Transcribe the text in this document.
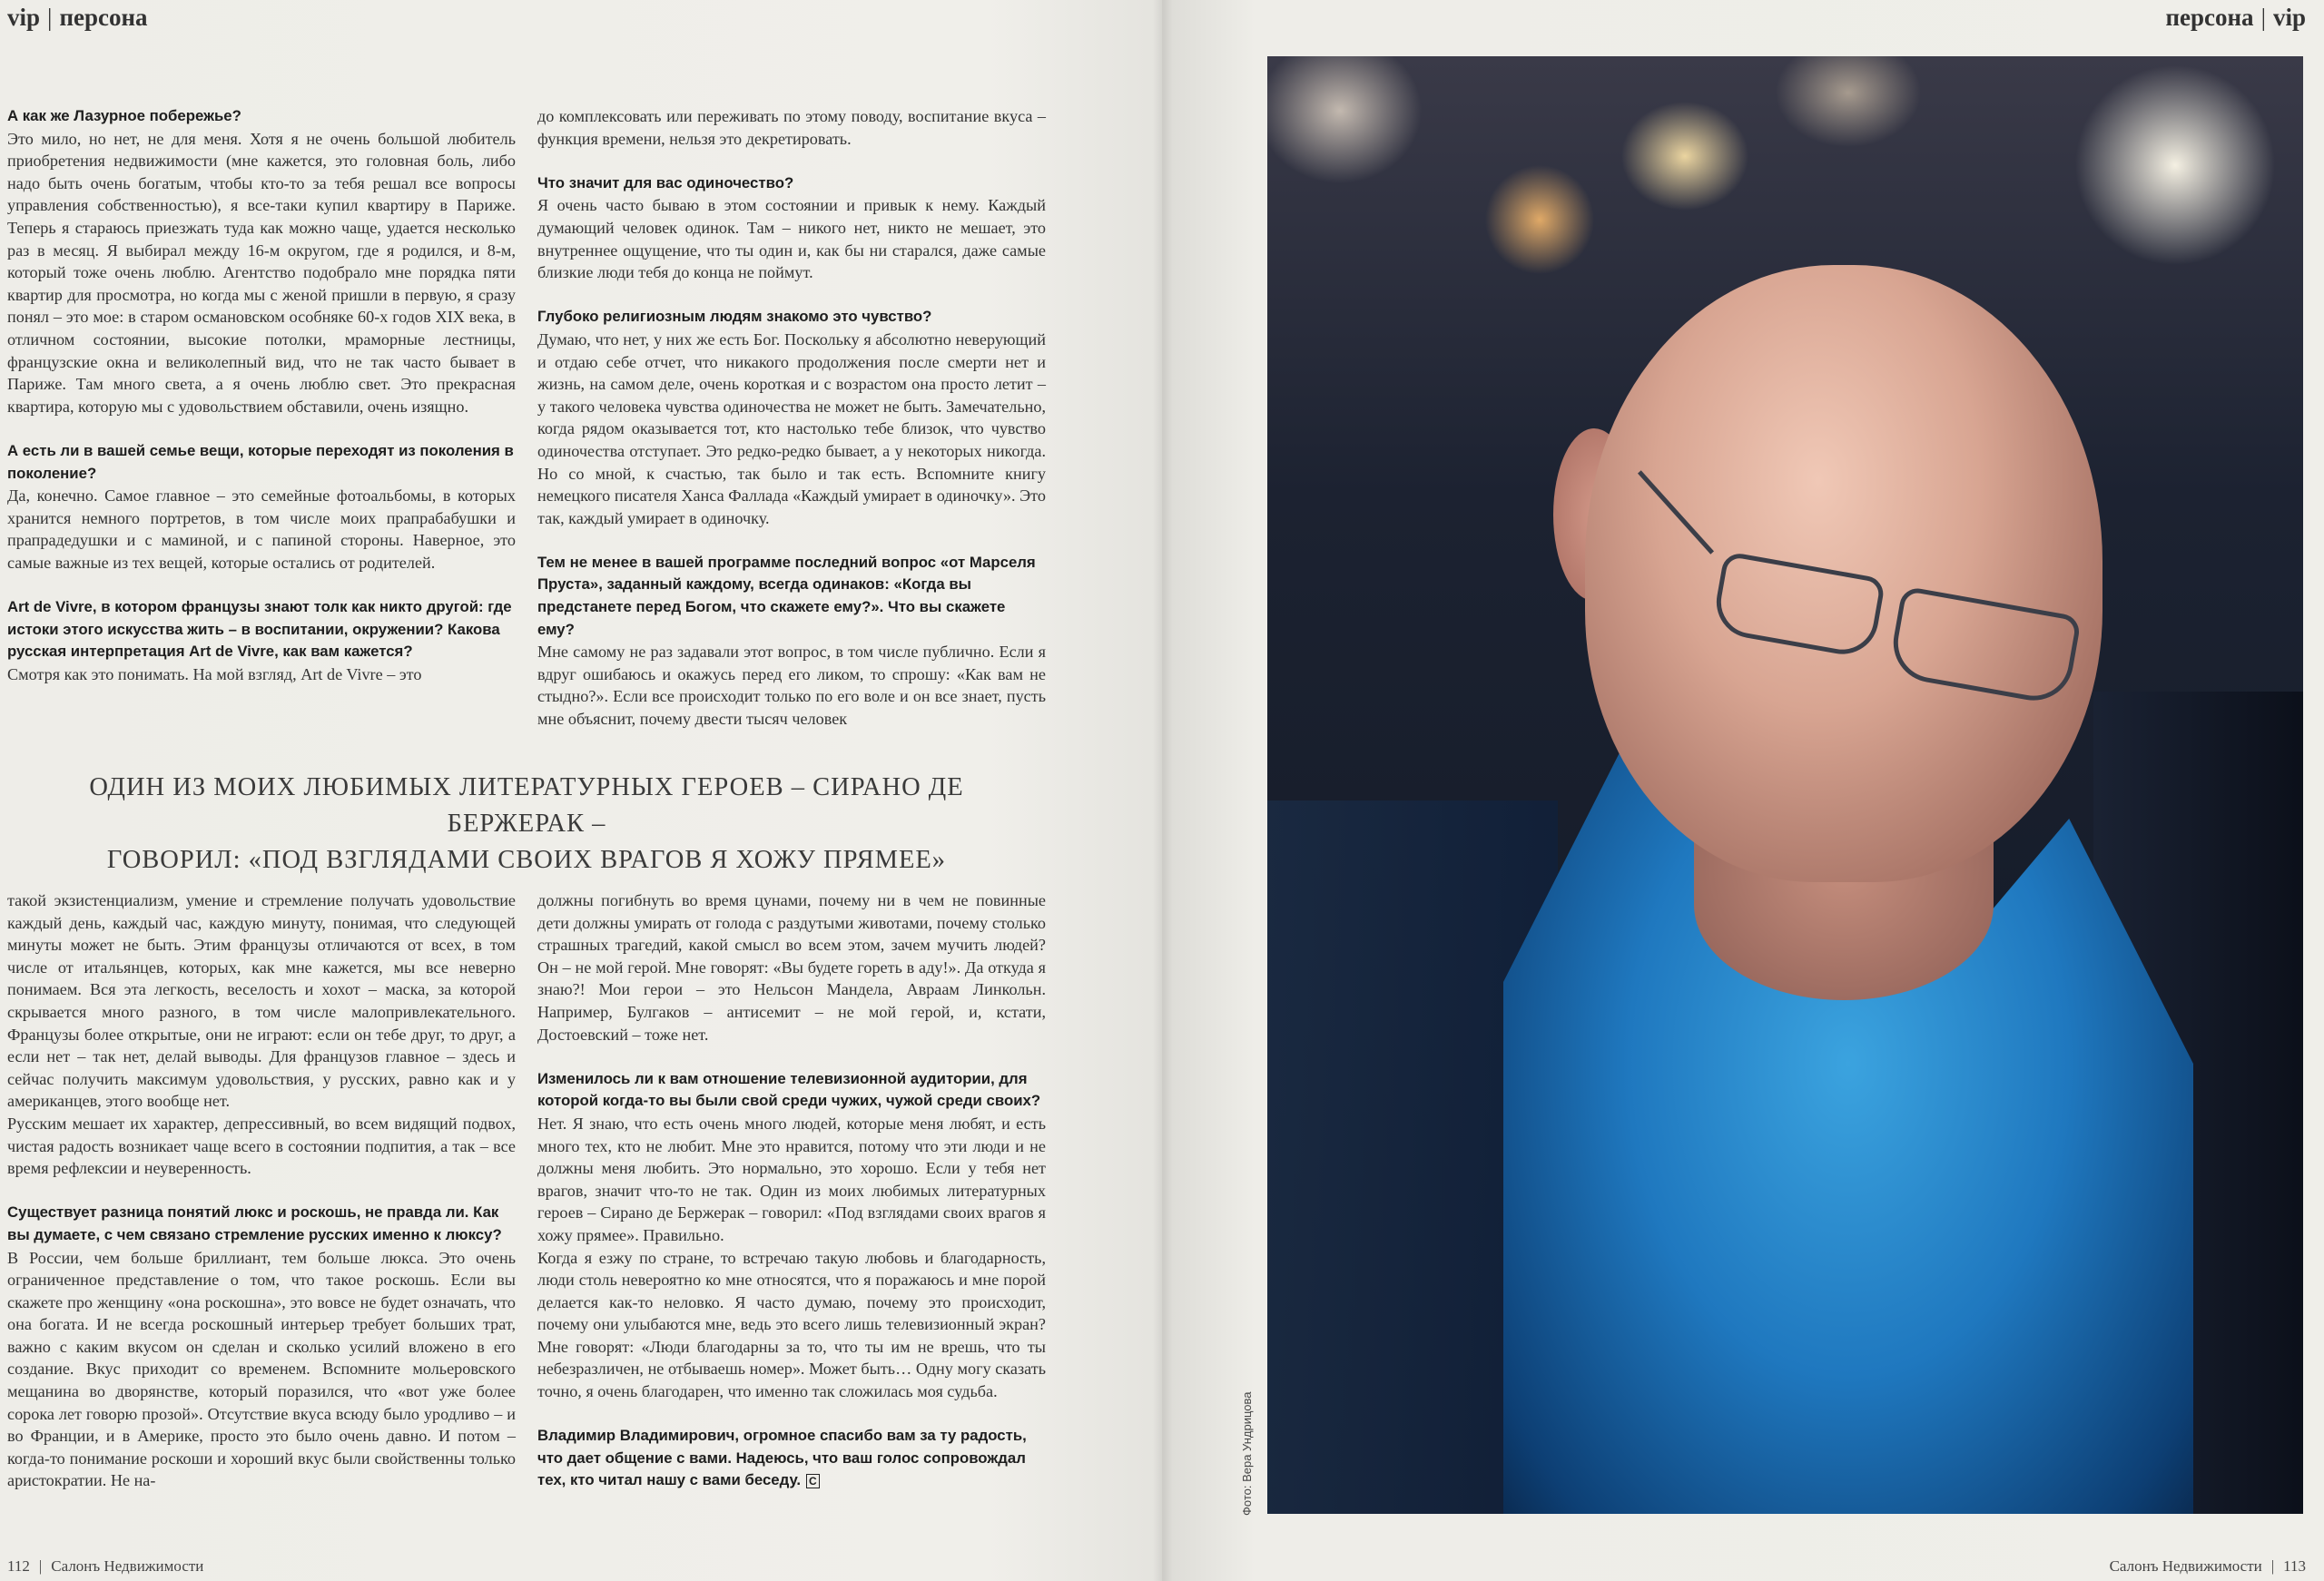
vip | персона	персона | vip

А как же Лазурное побережье?

Это мило, но нет, не для меня. Хотя я не очень большой любитель приобретения недвижимости (мне кажется, это головная боль, либо надо быть очень богатым, чтобы кто-то за тебя решал все вопросы управления собственностью), я все-таки купил квартиру в Париже. Теперь я стараюсь приезжать туда как можно чаще, удается несколько раз в месяц. Я выбирал между 16-м округом, где я родился, и 8-м, который тоже очень люблю. Агентство подобрало мне порядка пяти квартир для просмотра, но когда мы с женой пришли в первую, я сразу понял – это мое: в старом османовском особняке 60-х годов XIX века, в отличном состоянии, высокие потолки, мраморные лестницы, французские окна и великолепный вид, что не так часто бывает в Париже. Там много света, а я очень люблю свет. Это прекрасная квартира, которую мы с удовольствием обставили, очень изящно.

А есть ли в вашей семье вещи, которые переходят из поколения в поколение?

Да, конечно. Самое главное – это семейные фотоальбомы, в которых хранится немного портретов, в том числе моих прапрабабушки и прапрадедушки и с маминой, и с папиной стороны. Наверное, это самые важные из тех вещей, которые остались от родителей.

Art de Vivre, в котором французы знают толк как никто другой: где истоки этого искусства жить – в воспитании, окружении? Какова русская интерпретация Art de Vivre, как вам кажется?

Смотря как это понимать. На мой взгляд, Art de Vivre – это

до комплексовать или переживать по этому поводу, воспитание вкуса – функция времени, нельзя это декретировать.

Что значит для вас одиночество?

Я очень часто бываю в этом состоянии и привык к нему. Каждый думающий человек одинок. Там – никого нет, никто не мешает, это внутреннее ощущение, что ты один и, как бы ни старался, даже самые близкие люди тебя до конца не поймут.

Глубоко религиозным людям знакомо это чувство?

Думаю, что нет, у них же есть Бог. Поскольку я абсолютно неверующий и отдаю себе отчет, что никакого продолжения после смерти нет и жизнь, на самом деле, очень короткая и с возрастом она просто летит – у такого человека чувства одиночества не может не быть. Замечательно, когда рядом оказывается тот, кто настолько тебе близок, что чувство одиночества отступает. Это редко-редко бывает, а у некоторых никогда. Но со мной, к счастью, так было и так есть. Вспомните книгу немецкого писателя Ханса Фаллада «Каждый умирает в одиночку». Это так, каждый умирает в одиночку.

Тем не менее в вашей программе последний вопрос «от Марселя Пруста», заданный каждому, всегда одинаков: «Когда вы предстанете перед Богом, что скажете ему?». Что вы скажете ему?

Мне самому не раз задавали этот вопрос, в том числе публично. Если я вдруг ошибаюсь и окажусь перед его ликом, то спрошу: «Как вам не стыдно?». Если все происходит только по его воле и он все знает, пусть мне объяснит, почему двести тысяч человек

ОДИН ИЗ МОИХ ЛЮБИМЫХ ЛИТЕРАТУРНЫХ ГЕРОЕВ – СИРАНО ДЕ БЕРЖЕРАК –
ГОВОРИЛ: «ПОД ВЗГЛЯДАМИ СВОИХ ВРАГОВ Я ХОЖУ ПРЯМЕЕ»

такой экзистенциализм, умение и стремление получать удовольствие каждый день, каждый час, каждую минуту, понимая, что следующей минуты может не быть. Этим французы отличаются от всех, в том числе от итальянцев, которых, как мне кажется, мы все неверно понимаем. Вся эта легкость, веселость и хохот – маска, за которой скрывается много разного, в том числе малопривлекательного. Французы более открытые, они не играют: если он тебе друг, то друг, а если нет – так нет, делай выводы. Для французов главное – здесь и сейчас получить максимум удовольствия, у русских, равно как и у американцев, этого вообще нет.

Русским мешает их характер, депрессивный, во всем видящий подвох, чистая радость возникает чаще всего в состоянии подпития, а так – все время рефлексии и неуверенность.

Существует разница понятий люкс и роскошь, не правда ли. Как вы думаете, с чем связано стремление русских именно к люксу?

В России, чем больше бриллиант, тем больше люкса. Это очень ограниченное представление о том, что такое роскошь. Если вы скажете про женщину «она роскошна», это вовсе не будет означать, что она богата. И не всегда роскошный интерьер требует больших трат, важно с каким вкусом он сделан и сколько усилий вложено в его создание. Вкус приходит со временем. Вспомните мольеровского мещанина во дворянстве, который поразился, что «вот уже более сорока лет говорю прозой». Отсутствие вкуса всюду было уродливо – и во Франции, и в Америке, просто это было очень давно. И потом – когда-то понимание роскоши и хороший вкус были свойственны только аристократии. Не на-

должны погибнуть во время цунами, почему ни в чем не повинные дети должны умирать от голода с раздутыми животами, почему столько страшных трагедий, какой смысл во всем этом, зачем мучить людей? Он – не мой герой. Мне говорят: «Вы будете гореть в аду!». Да откуда я знаю?! Мои герои – это Нельсон Мандела, Авраам Линкольн. Например, Булгаков – антисемит – не мой герой, и, кстати, Достоевский – тоже нет.

Изменилось ли к вам отношение телевизионной аудитории, для которой когда-то вы были свой среди чужих, чужой среди своих?

Нет. Я знаю, что есть очень много людей, которые меня любят, и есть много тех, кто не любит. Мне это нравится, потому что эти люди и не должны меня любить. Это нормально, это хорошо. Если у тебя нет врагов, значит что-то не так. Один из моих любимых литературных героев – Сирано де Бержерак – говорил: «Под взглядами своих врагов я хожу прямее». Правильно.

Когда я езжу по стране, то встречаю такую любовь и благодарность, люди столь невероятно ко мне относятся, что я поражаюсь и мне порой делается как-то неловко. Я часто думаю, почему это происходит, почему они улыбаются мне, ведь это всего лишь телевизионный экран? Мне говорят: «Люди благодарны за то, что ты им не врешь, что ты небезразличен, не отбываешь номер». Может быть… Одну могу сказать точно, я очень благодарен, что именно так сложилась моя судьба.

Владимир Владимирович, огромное спасибо вам за ту радость, что дает общение с вами. Надеюсь, что ваш голос сопровождал тех, кто читал нашу с вами беседу. С	Фото: Вера Ундрицова
112 | Салонъ Недвижимости	Салонъ Недвижимости | 113
